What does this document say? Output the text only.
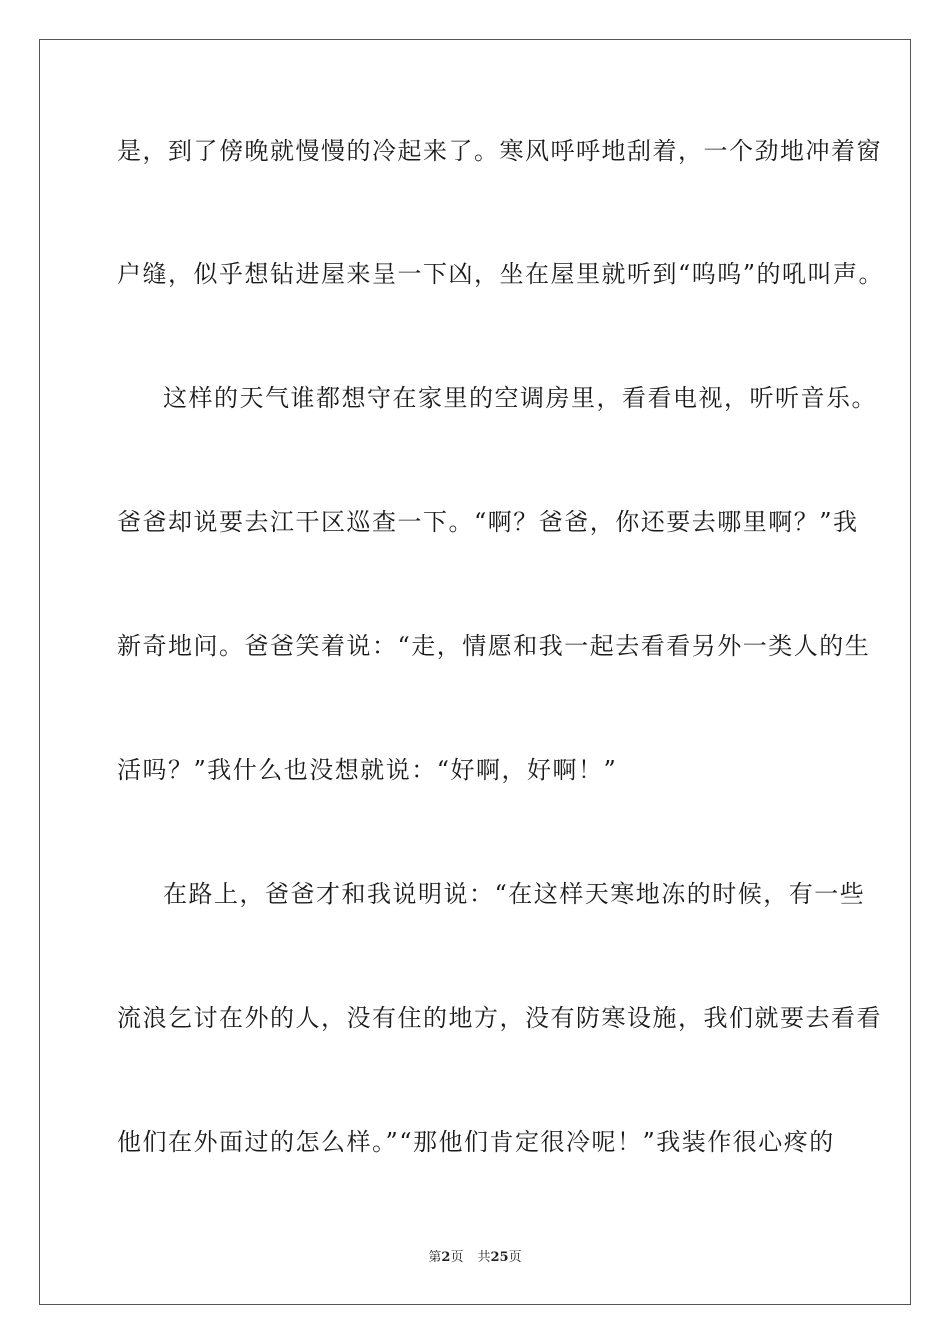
是，到了傍晚就慢慢的冷起来了。寒风呼呼地刮着，一个劲地冲着窗
户缝，似乎想钻进屋来呈一下凶，坐在屋里就听到“呜呜”的吼叫声。
这样的天气谁都想守在家里的空调房里，看看电视，听听音乐。
爸爸却说要去江干区巡查一下。“啊？爸爸，你还要去哪里啊？”我
新奇地问。爸爸笑着说：“走，情愿和我一起去看看另外一类人的生
活吗？”我什么也没想就说：“好啊，好啊！”
在路上，爸爸才和我说明说：“在这样天寒地冻的时候，有一些
流浪乞讨在外的人，没有住的地方，没有防寒设施，我们就要去看看
他们在外面过的怎么样。”“那他们肯定很冷呢！”我装作很心疼的
第2页 共25页
